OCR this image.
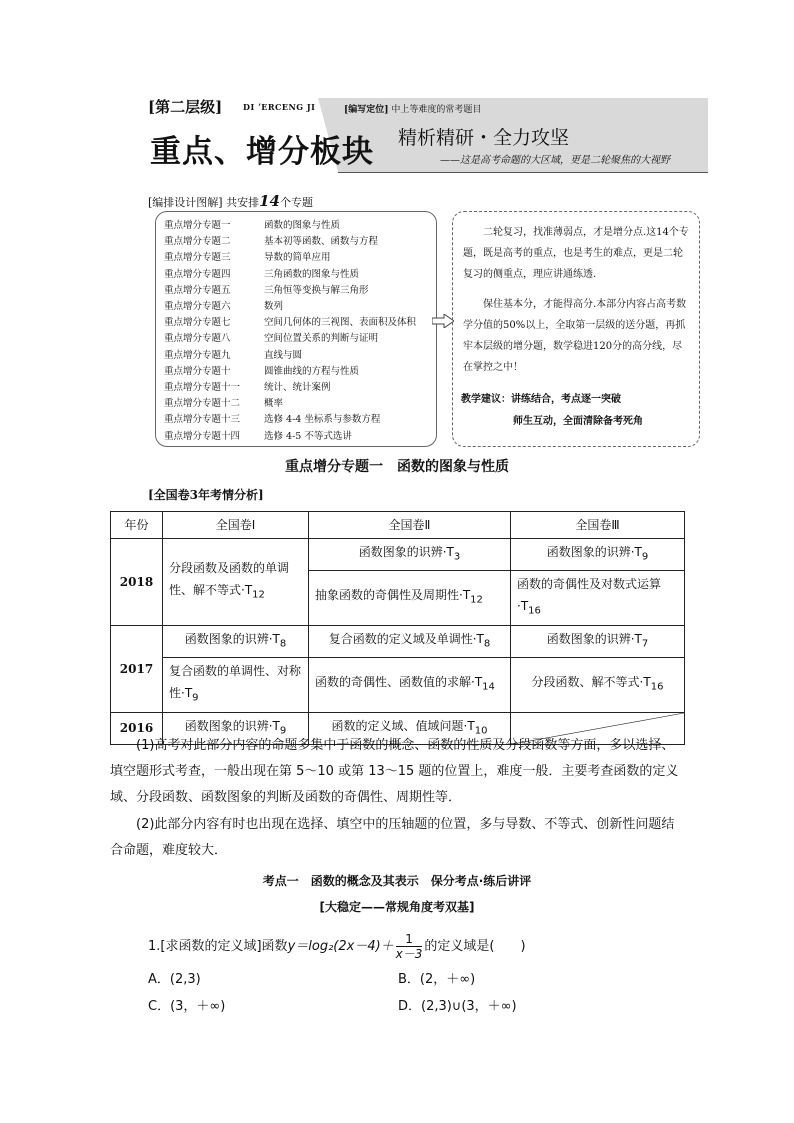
[第二层级]	DI ʼERCENG JI
重点、增分板块
[编写定位] 中上等难度的常考题目
精析精研・全力攻坚
——这是高考命题的大区域，更是二轮聚焦的大视野
[编排设计图解] 共安排14个专题
重点增分专题一	函数的图象与性质
重点增分专题二	基本初等函数、函数与方程
重点增分专题三	导数的简单应用
重点增分专题四	三角函数的图象与性质
重点增分专题五	三角恒等变换与解三角形
重点增分专题六	数列
重点增分专题七	空间几何体的三视图、表面积及体积
重点增分专题八	空间位置关系的判断与证明
重点增分专题九	直线与圆
重点增分专题十	圆锥曲线的方程与性质
重点增分专题十一	统计、统计案例
重点增分专题十二	概率
重点增分专题十三	选修 4-4 坐标系与参数方程
重点增分专题十四	选修 4-5 不等式选讲
二轮复习，找准薄弱点，才是增分点.这14个专题，既是高考的重点，也是考生的难点，更是二轮复习的侧重点，理应讲通练透.
保住基本分，才能得高分.本部分内容占高考数学分值的50%以上，全取第一层级的送分题，再抓牢本层级的增分题，数学稳进120分的高分线，尽在掌控之中！
教学建议：讲练结合，考点逐一突破
师生互动，全面清除备考死角
重点增分专题一　函数的图象与性质
[全国卷3年考情分析]
年份	全国卷Ⅰ	全国卷Ⅱ	全国卷Ⅲ
2018	分段函数及函数的单调性、解不等式$\cdot T_{12}$	函数图象的识辨$\cdot T_3$	函数图象的识辨$\cdot T_9$
		抽象函数的奇偶性及周期性$\cdot T_{12}$	函数的奇偶性及对数式运算$\cdot T_{16}$
2017	函数图象的识辨$\cdot T_8$	复合函数的定义域及单调性$\cdot T_8$	函数图象的识辨$\cdot T_7$
	复合函数的单调性、对称性$\cdot T_9$	函数的奇偶性、函数值的求解$\cdot T_{14}$	分段函数、解不等式$\cdot T_{16}$
2016	函数图象的识辨$\cdot T_9$	函数的定义域、值域问题$\cdot T_{10}$	
(1)高考对此部分内容的命题多集中于函数的概念、函数的性质及分段函数等方面，多以选择、填空题形式考查，一般出现在第 5～10 或第 13～15 题的位置上，难度一般．主要考查函数的定义域、分段函数、函数图象的判断及函数的奇偶性、周期性等．
(2)此部分内容有时也出现在选择、填空中的压轴题的位置，多与导数、不等式、创新性问题结合命题，难度较大．
考点一　函数的概念及其表示　保分考点·练后讲评
[大稳定——常规角度考双基]
1.[求函数的定义域]函数$y=\log_2(2x-4)+ \frac{1}{x-3}$ 的定义域是(　　)
A．(2,3)	B．(2，＋∞)
C．(3，＋∞)	D．(2,3)∪(3，＋∞)
